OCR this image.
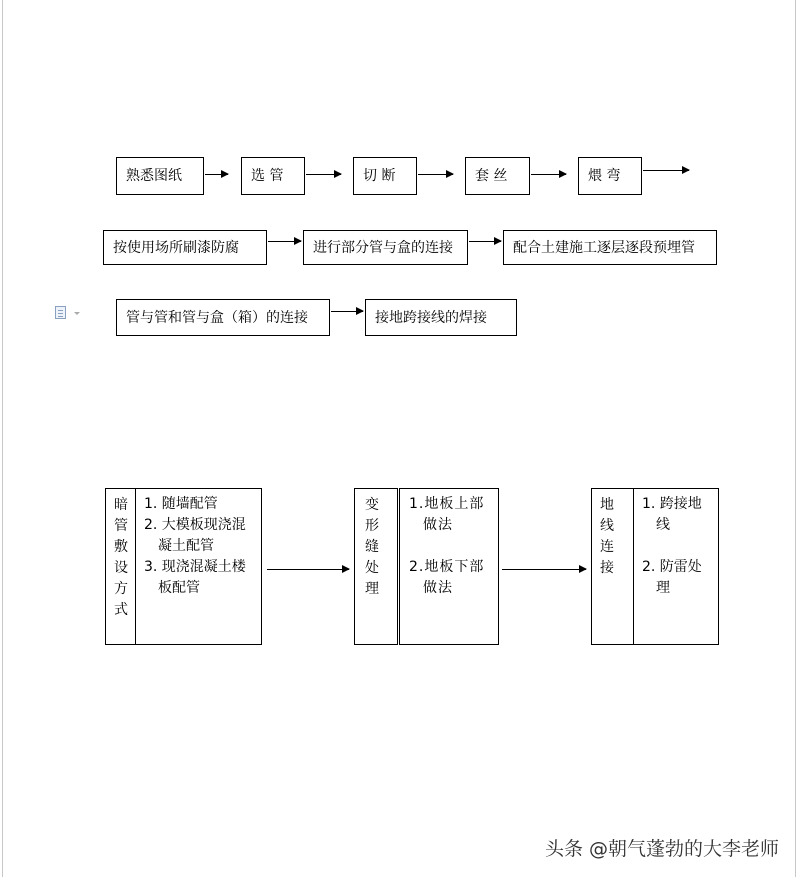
熟悉图纸	选 管	切 断	套 丝	煨 弯
按使用场所刷漆防腐	进行部分管与盒的连接	配合土建施工逐层逐段预埋管
管与管和管与盒（箱）的连接	接地跨接线的焊接
暗
管
敷
设
方
式
1. 随墙配管
2. 大模板现浇混
凝土配管
3. 现浇混凝土楼
板配管
变
形
缝
处
理
1.地板上部
做法

2.地板下部
做法
地
线
连
接
1. 跨接地
线

2. 防雷处
理
头条 @朝气蓬勃的大李老师
